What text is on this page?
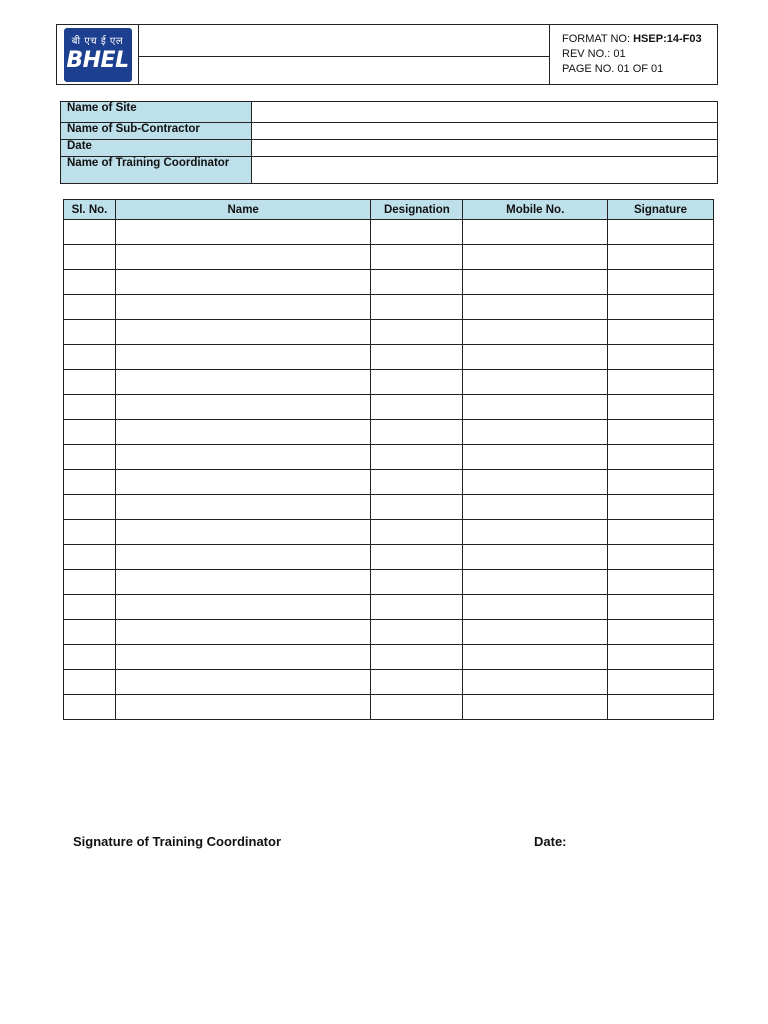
बी एच ई एल
BHEL

FORMAT NO: HSEP:14-F03
REV NO.: 01
PAGE NO. 01 OF 01

Name of Site	
Name of Sub-Contractor	
Date	
Name of Training Coordinator	
Sl. No.	Name	Designation	Mobile No.	Signature

Signature of Training Coordinator	Date:
